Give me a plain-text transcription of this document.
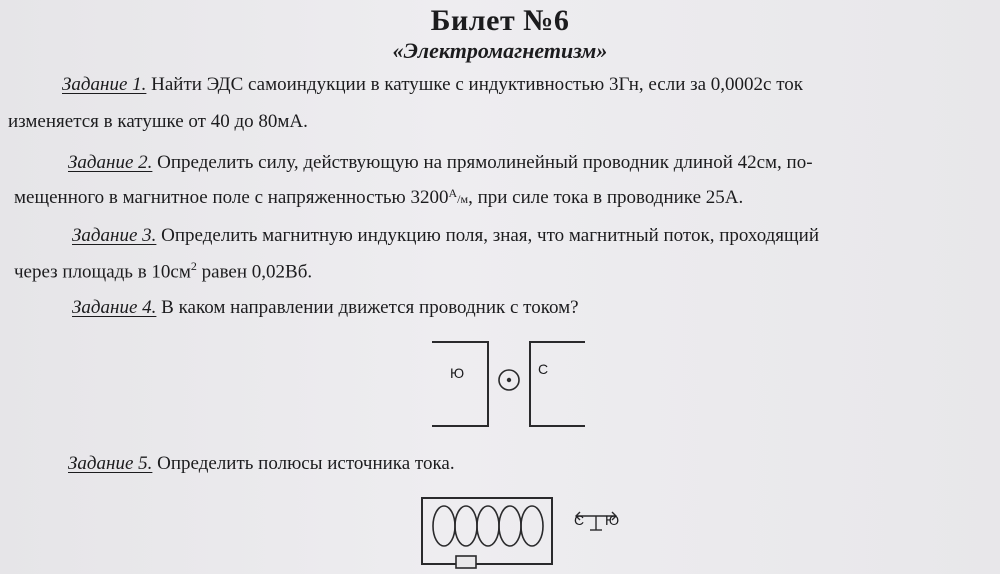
Билет №6
«Электромагнетизм»
Задание 1. Найти ЭДС самоиндукции в катушке с индуктивностью 3Гн, если за 0,0002с ток
изменяется в катушке от 40 до 80мА.
Задание 2. Определить силу, действующую на прямолинейный проводник длиной 42см, по-
мещенного в магнитное поле с напряженностью $3200^A/м$, при силе тока в проводнике 25А.
Задание 3. Определить магнитную индукцию поля, зная, что магнитный поток, проходящий
через площадь в $10см^2$ равен 0,02Вб.
Задание 4. В каком направлении движется проводник с током?
Ю	С
Задание 5. Определить полюсы источника тока.
С Ю
